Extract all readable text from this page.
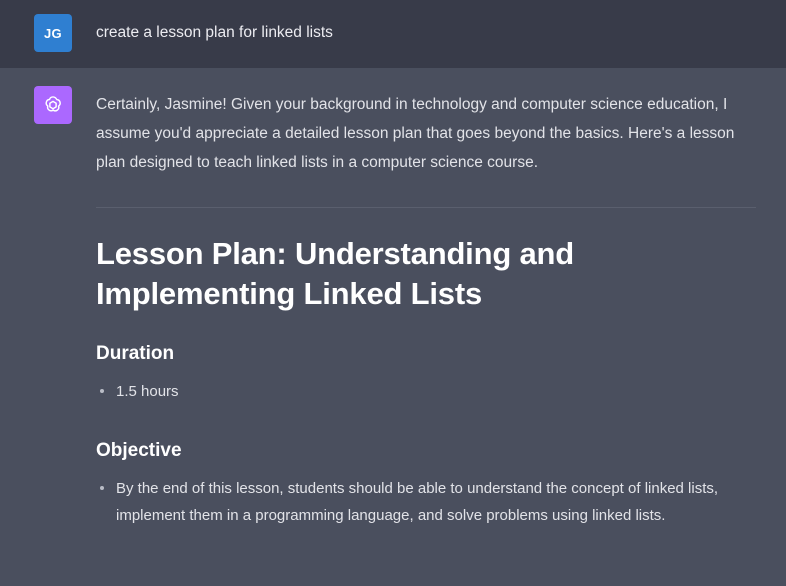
JG create a lesson plan for linked lists
Certainly, Jasmine! Given your background in technology and computer science education, I assume you'd appreciate a detailed lesson plan that goes beyond the basics. Here's a lesson plan designed to teach linked lists in a computer science course.
Lesson Plan: Understanding and Implementing Linked Lists
Duration
1.5 hours
Objective
By the end of this lesson, students should be able to understand the concept of linked lists, implement them in a programming language, and solve problems using linked lists.
